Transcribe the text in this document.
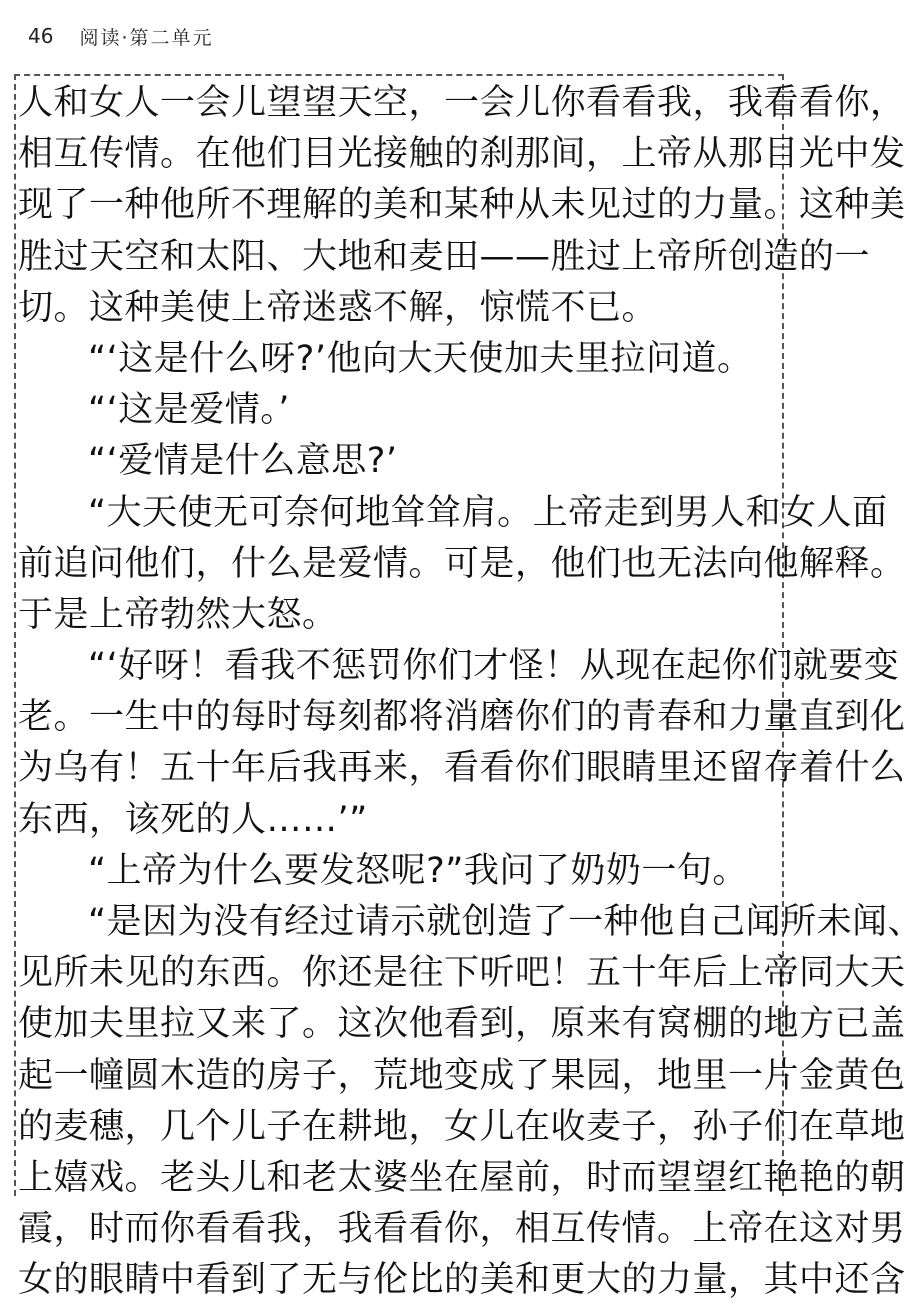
46 阅读·第二单元
人和女人一会儿望望天空，一会儿你看看我，我看看你，
相互传情。在他们目光接触的刹那间，上帝从那目光中发
现了一种他所不理解的美和某种从未见过的力量。这种美
胜过天空和太阳、大地和麦田——胜过上帝所创造的一
切。这种美使上帝迷惑不解，惊慌不已。
“‘这是什么呀?’他向大天使加夫里拉问道。
“‘这是爱情。’
“‘爱情是什么意思?’
“大天使无可奈何地耸耸肩。上帝走到男人和女人面
前追问他们，什么是爱情。可是，他们也无法向他解释。
于是上帝勃然大怒。
“‘好呀！看我不惩罚你们才怪！从现在起你们就要变
老。一生中的每时每刻都将消磨你们的青春和力量直到化
为乌有！五十年后我再来，看看你们眼睛里还留存着什么
东西，该死的人……’”
“上帝为什么要发怒呢?”我问了奶奶一句。
“是因为没有经过请示就创造了一种他自己闻所未闻、
见所未见的东西。你还是往下听吧！五十年后上帝同大天
使加夫里拉又来了。这次他看到，原来有窝棚的地方已盖
起一幢圆木造的房子，荒地变成了果园，地里一片金黄色
的麦穗，几个儿子在耕地，女儿在收麦子，孙子们在草地
上嬉戏。老头儿和老太婆坐在屋前，时而望望红艳艳的朝
霞，时而你看看我，我看看你，相互传情。上帝在这对男
女的眼睛中看到了无与伦比的美和更大的力量，其中还含
